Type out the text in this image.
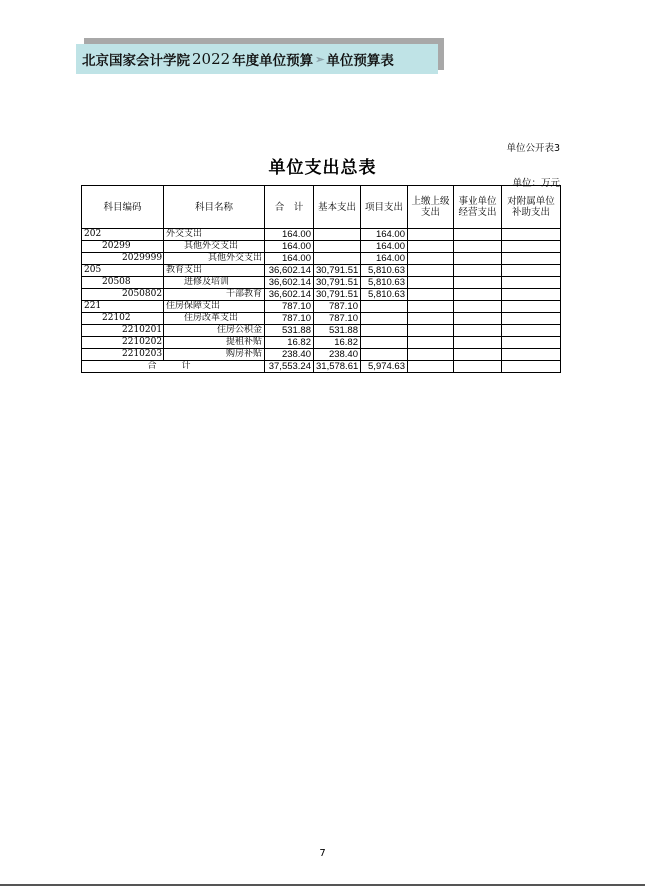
北京国家会计学院 2022 年度单位预算 ➢ 单位预算表
单位公开表3
单位支出总表
单位：万元
科目编码	科目名称	合　计	基本支出	项目支出	上缴上级支出	事业单位经营支出	对附属单位补助支出
202	外交支出	164.00		164.00			
20299	其他外交支出	164.00		164.00			
2029999	其他外交支出	164.00		164.00			
205	教育支出	36,602.14	30,791.51	5,810.63			
20508	进修及培训	36,602.14	30,791.51	5,810.63			
2050802	干部教育	36,602.14	30,791.51	5,810.63			
221	住房保障支出	787.10	787.10				
22102	住房改革支出	787.10	787.10				
2210201	住房公积金	531.88	531.88				
2210202	提租补贴	16.82	16.82				
2210203	购房补贴	238.40	238.40				
合　计		37,553.24	31,578.61	5,974.63			
7
